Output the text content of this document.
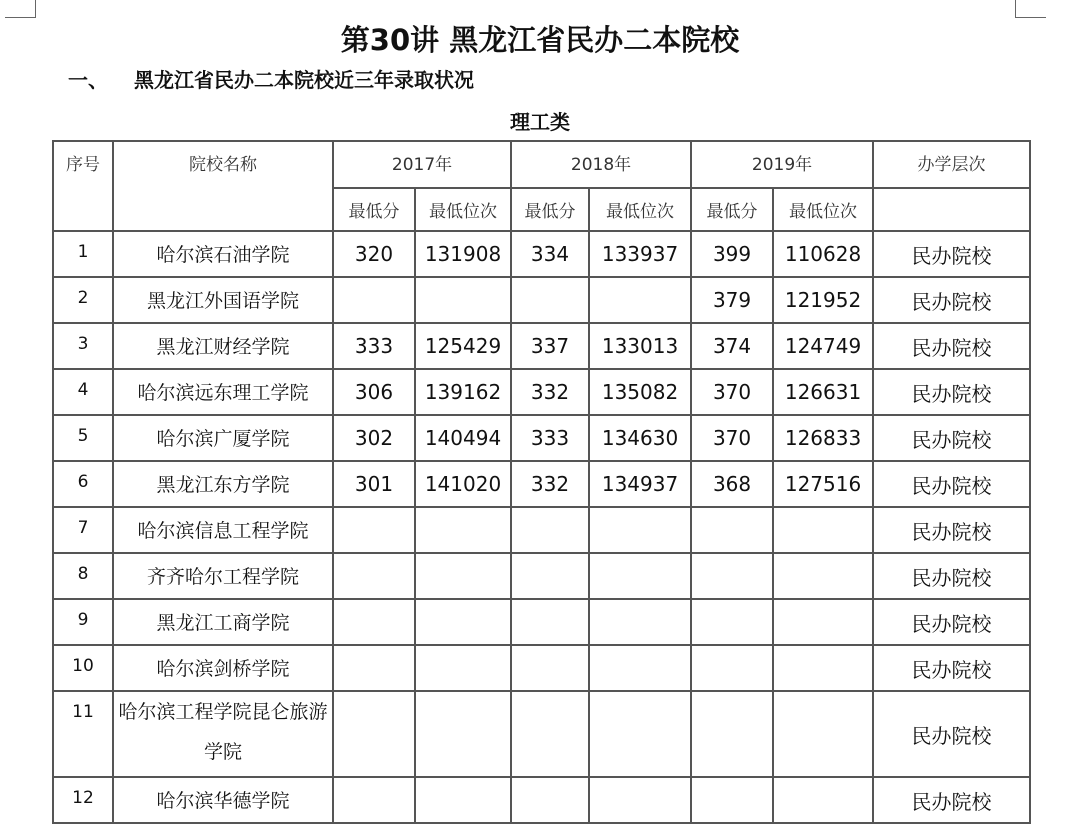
第30讲 黑龙江省民办二本院校
一、 黑龙江省民办二本院校近三年录取状况
理工类
序号	院校名称	2017年		2018年		2019年		办学层次
		最低分	最低位次	最低分	最低位次	最低分	最低位次	
1	哈尔滨石油学院	320	131908	334	133937	399	110628	民办院校
2	黑龙江外国语学院					379	121952	民办院校
3	黑龙江财经学院	333	125429	337	133013	374	124749	民办院校
4	哈尔滨远东理工学院	306	139162	332	135082	370	126631	民办院校
5	哈尔滨广厦学院	302	140494	333	134630	370	126833	民办院校
6	黑龙江东方学院	301	141020	332	134937	368	127516	民办院校
7	哈尔滨信息工程学院							民办院校
8	齐齐哈尔工程学院							民办院校
9	黑龙江工商学院							民办院校
10	哈尔滨剑桥学院							民办院校
11	哈尔滨工程学院昆仑旅游学院							民办院校
12	哈尔滨华德学院							民办院校
